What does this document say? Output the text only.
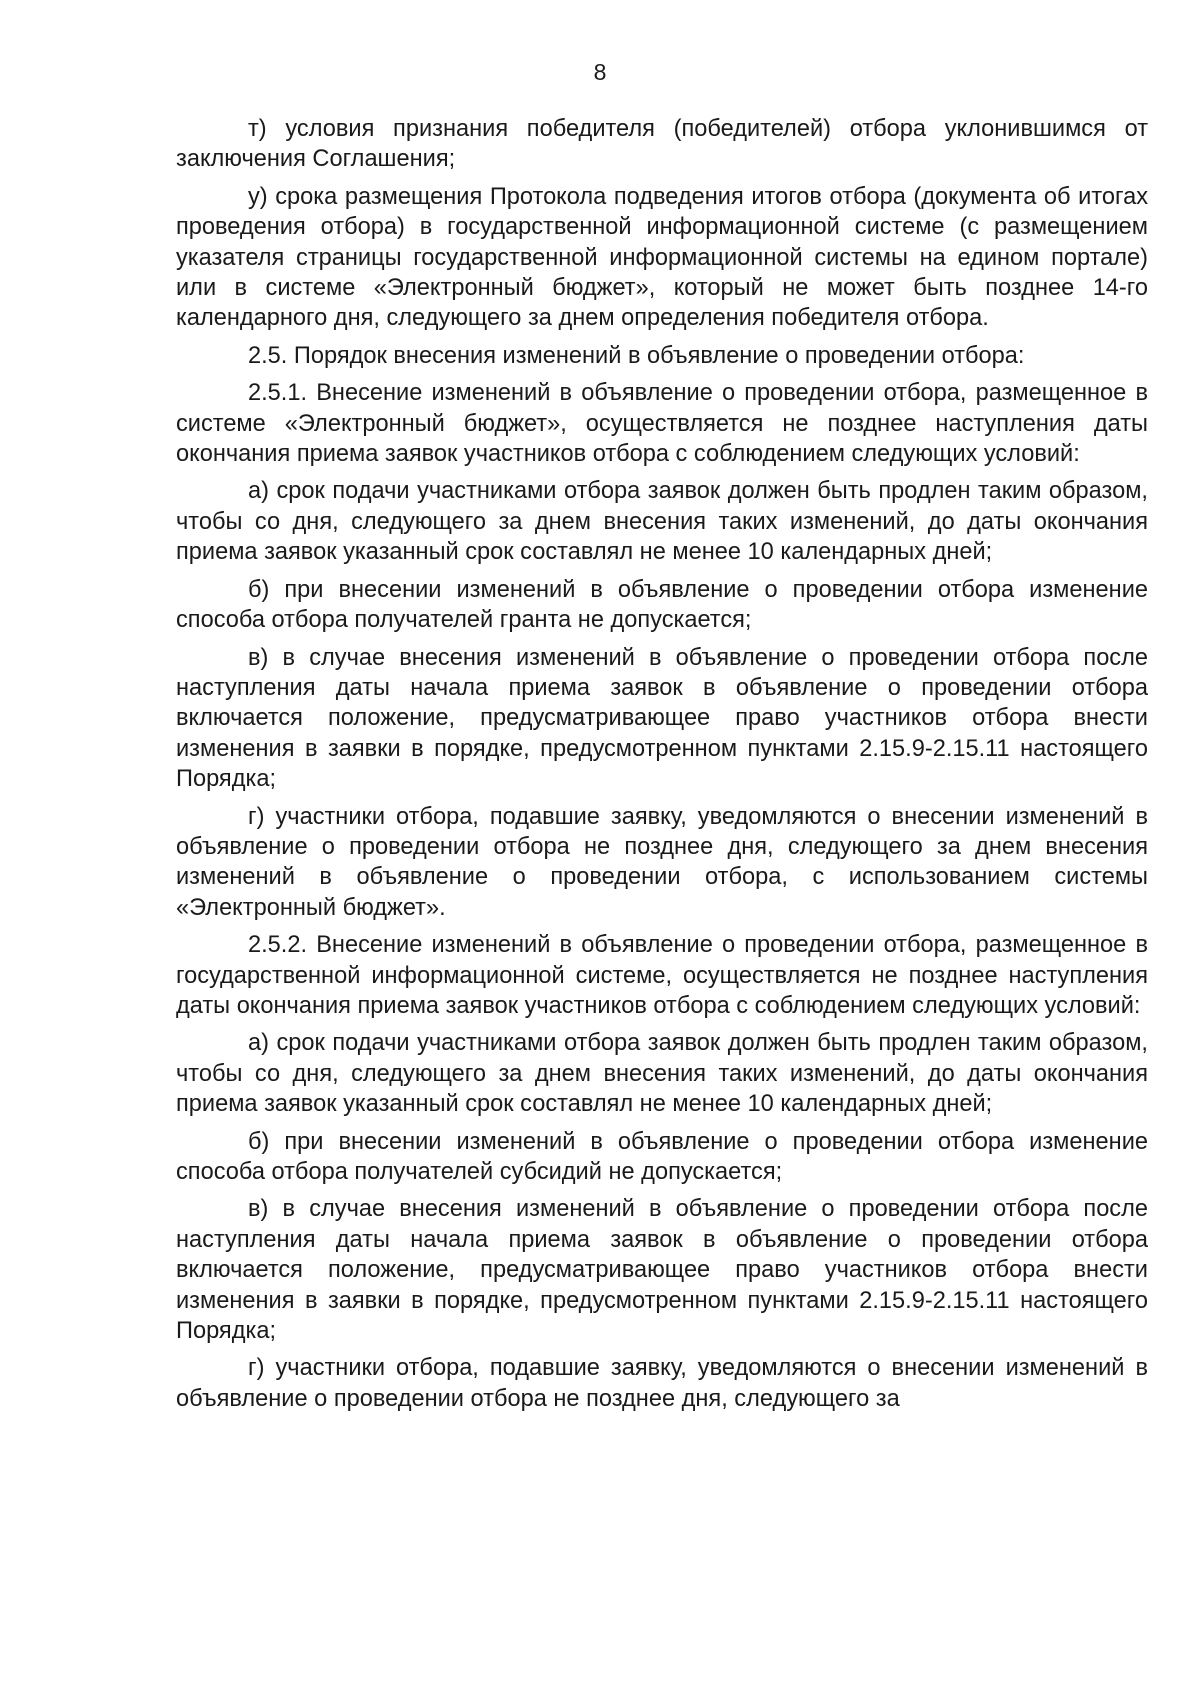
8

т) условия признания победителя (победителей) отбора уклонившимся от заключения Соглашения;

у) срока размещения Протокола подведения итогов отбора (документа об итогах проведения отбора) в государственной информационной системе (с размещением указателя страницы государственной информационной системы на едином портале) или в системе «Электронный бюджет», который не может быть позднее 14-го календарного дня, следующего за днем определения победителя отбора.

2.5. Порядок внесения изменений в объявление о проведении отбора:

2.5.1. Внесение изменений в объявление о проведении отбора, размещенное в системе «Электронный бюджет», осуществляется не позднее наступления даты окончания приема заявок участников отбора с соблюдением следующих условий:

а) срок подачи участниками отбора заявок должен быть продлен таким образом, чтобы со дня, следующего за днем внесения таких изменений, до даты окончания приема заявок указанный срок составлял не менее 10 календарных дней;

б) при внесении изменений в объявление о проведении отбора изменение способа отбора получателей гранта не допускается;

в) в случае внесения изменений в объявление о проведении отбора после наступления даты начала приема заявок в объявление о проведении отбора включается положение, предусматривающее право участников отбора внести изменения в заявки в порядке, предусмотренном пунктами 2.15.9-2.15.11 настоящего Порядка;

г) участники отбора, подавшие заявку, уведомляются о внесении изменений в объявление о проведении отбора не позднее дня, следующего за днем внесения изменений в объявление о проведении отбора, с использованием системы «Электронный бюджет».

2.5.2. Внесение изменений в объявление о проведении отбора, размещенное в государственной информационной системе, осуществляется не позднее наступления даты окончания приема заявок участников отбора с соблюдением следующих условий:

а) срок подачи участниками отбора заявок должен быть продлен таким образом, чтобы со дня, следующего за днем внесения таких изменений, до даты окончания приема заявок указанный срок составлял не менее 10 календарных дней;

б) при внесении изменений в объявление о проведении отбора изменение способа отбора получателей субсидий не допускается;

в) в случае внесения изменений в объявление о проведении отбора после наступления даты начала приема заявок в объявление о проведении отбора включается положение, предусматривающее право участников отбора внести изменения в заявки в порядке, предусмотренном пунктами 2.15.9-2.15.11 настоящего Порядка;

г) участники отбора, подавшие заявку, уведомляются о внесении изменений в объявление о проведении отбора не позднее дня, следующего за
